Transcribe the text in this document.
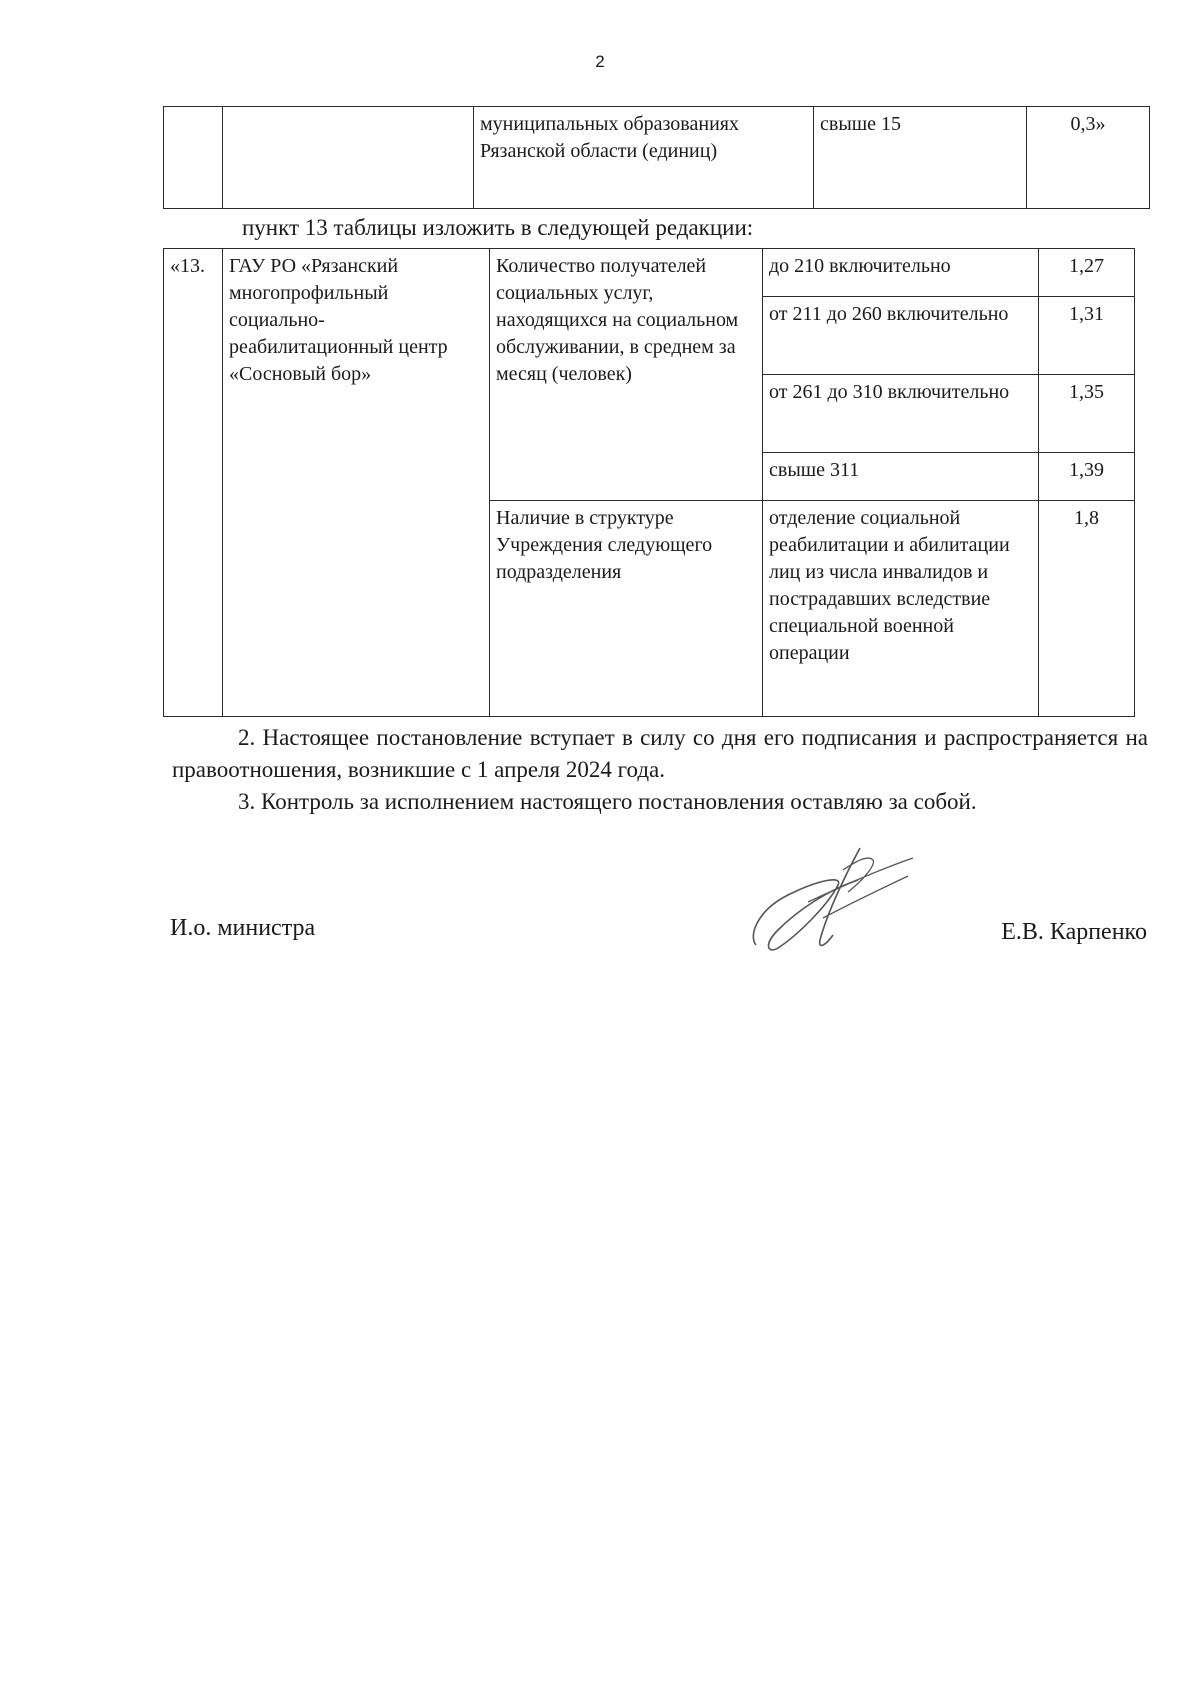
2
		муниципальных образованиях Рязанской области (единиц)	свыше 15	0,3»
пункт 13 таблицы изложить в следующей редакции:
«13.	ГАУ РО «Рязанский многопрофильный социально-реабилитационный центр «Сосновый бор»	Количество получателей социальных услуг, находящихся на социальном обслуживании, в среднем за месяц (человек)	до 210 включительно	1,27
			от 211 до 260 включительно	1,31
			от 261 до 310 включительно	1,35
			свыше 311	1,39
		Наличие в структуре Учреждения следующего подразделения	отделение социальной реабилитации и абилитации лиц из числа инвалидов и пострадавших вследствие специальной военной операции	1,8
2. Настоящее постановление вступает в силу со дня его подписания и распространяется на правоотношения, возникшие с 1 апреля 2024 года.
3. Контроль за исполнением настоящего постановления оставляю за собой.
И.о. министра	Е.В. Карпенко
